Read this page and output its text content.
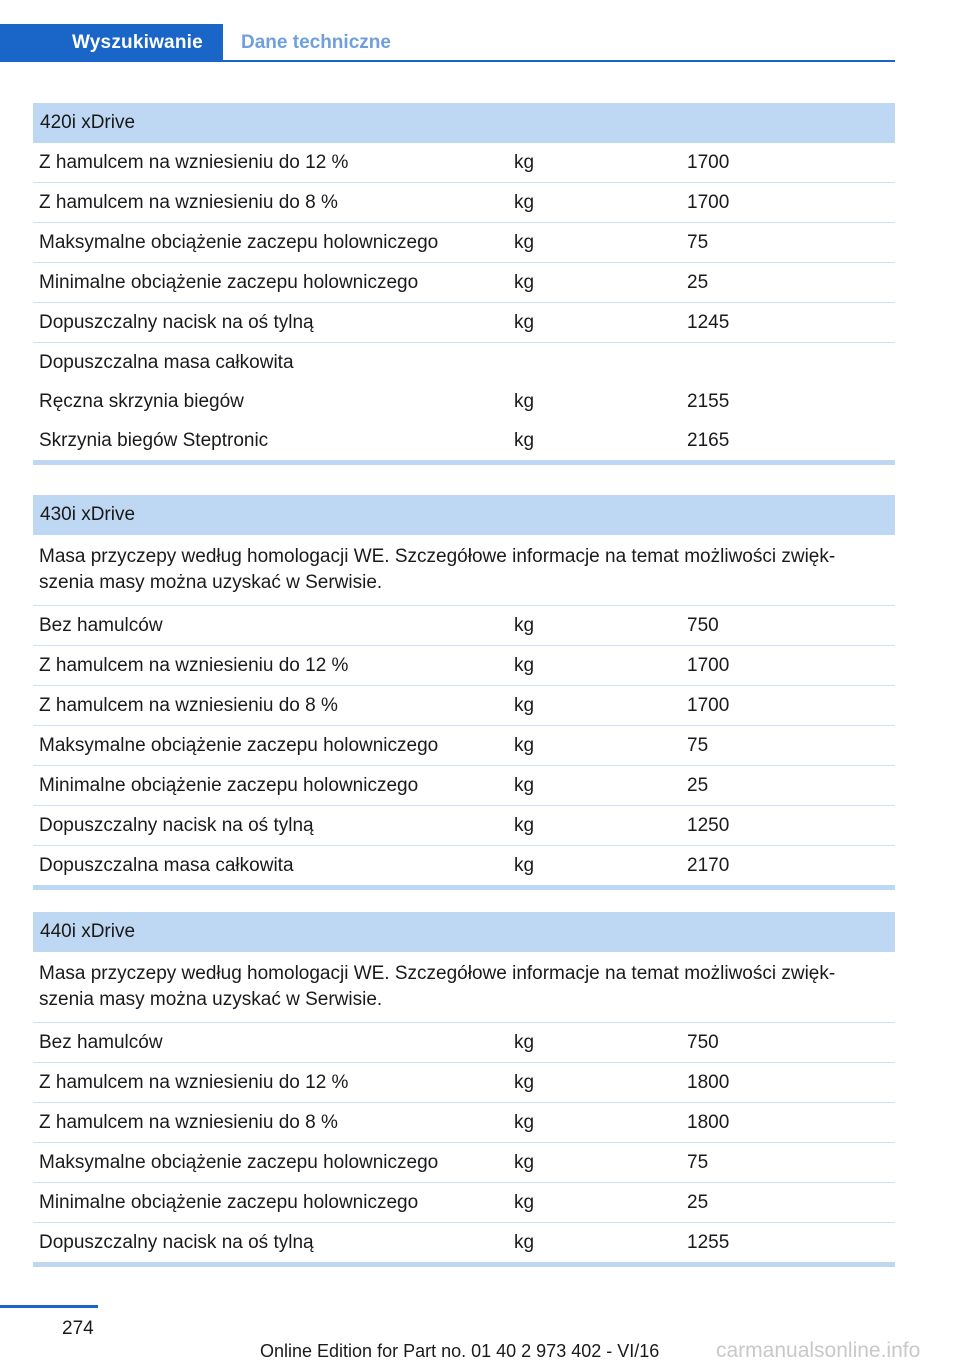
Wyszukiwanie	Dane techniczne
420i xDrive
Z hamulcem na wzniesieniu do 12 %	kg	1700
Z hamulcem na wzniesieniu do 8 %	kg	1700
Maksymalne obciążenie zaczepu holowniczego	kg	75
Minimalne obciążenie zaczepu holowniczego	kg	25
Dopuszczalny nacisk na oś tylną	kg	1245
Dopuszczalna masa całkowita
Ręczna skrzynia biegów	kg	2155
Skrzynia biegów Steptronic	kg	2165
430i xDrive
Masa przyczepy według homologacji WE. Szczegółowe informacje na temat możliwości zwięk-szenia masy można uzyskać w Serwisie.
Bez hamulców	kg	750
Z hamulcem na wzniesieniu do 12 %	kg	1700
Z hamulcem na wzniesieniu do 8 %	kg	1700
Maksymalne obciążenie zaczepu holowniczego	kg	75
Minimalne obciążenie zaczepu holowniczego	kg	25
Dopuszczalny nacisk na oś tylną	kg	1250
Dopuszczalna masa całkowita	kg	2170
440i xDrive
Masa przyczepy według homologacji WE. Szczegółowe informacje na temat możliwości zwięk-szenia masy można uzyskać w Serwisie.
Bez hamulców	kg	750
Z hamulcem na wzniesieniu do 12 %	kg	1800
Z hamulcem na wzniesieniu do 8 %	kg	1800
Maksymalne obciążenie zaczepu holowniczego	kg	75
Minimalne obciążenie zaczepu holowniczego	kg	25
Dopuszczalny nacisk na oś tylną	kg	1255
274
Online Edition for Part no. 01 40 2 973 402 - VI/16	carmanualsonline.info
